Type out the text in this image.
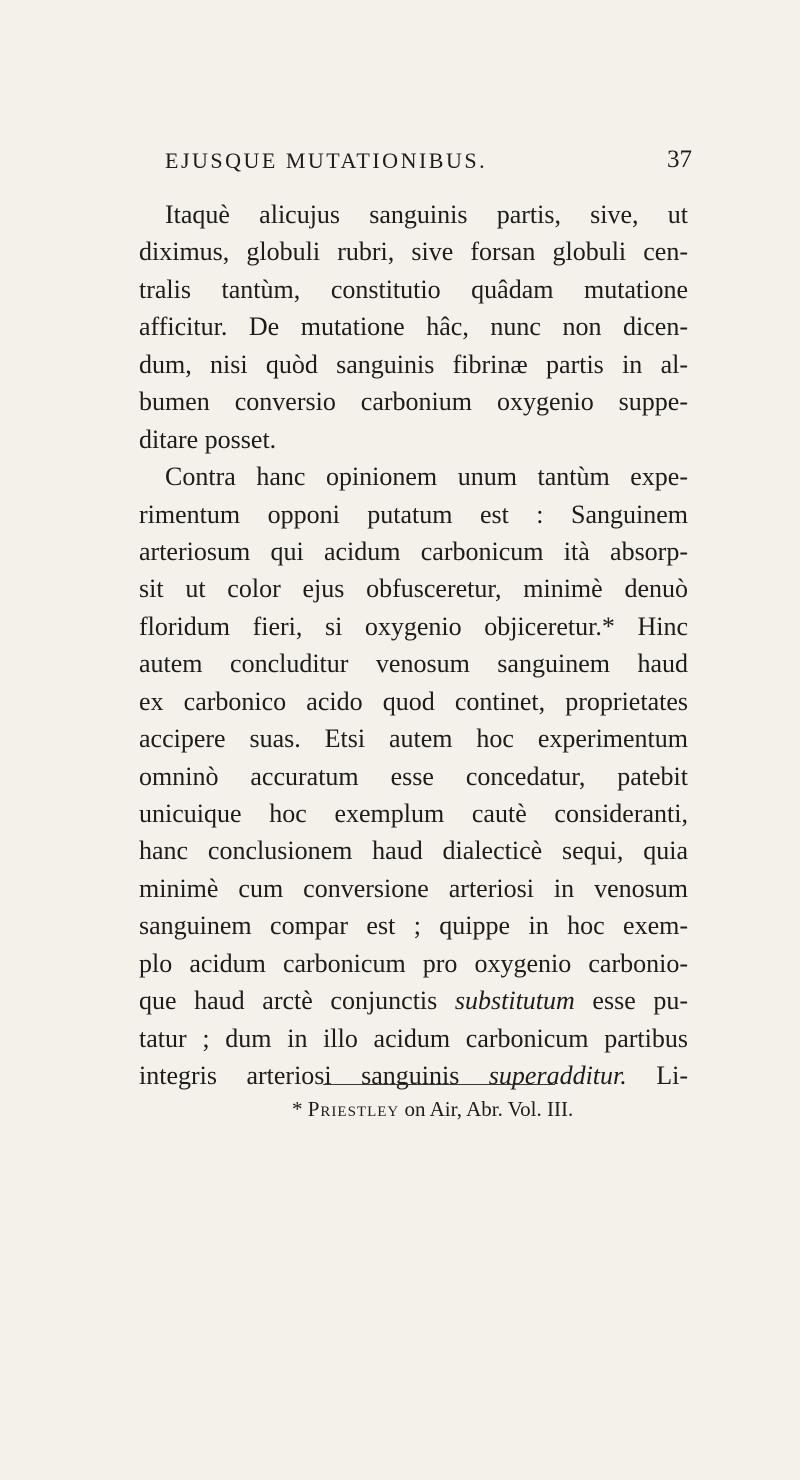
EJUSQUE MUTATIONIBUS.	37
Itaquè alicujus sanguinis partis, sive, ut
diximus, globuli rubri, sive forsan globuli cen-
tralis tantùm, constitutio quâdam mutatione
afficitur. De mutatione hâc, nunc non dicen-
dum, nisi quòd sanguinis fibrinæ partis in al-
bumen conversio carbonium oxygenio suppe-
ditare posset.
Contra hanc opinionem unum tantùm expe-
rimentum opponi putatum est : Sanguinem
arteriosum qui acidum carbonicum ità absorp-
sit ut color ejus obfusceretur, minimè denuò
floridum fieri, si oxygenio objiceretur.* Hinc
autem concluditur venosum sanguinem haud
ex carbonico acido quod continet, proprietates
accipere suas. Etsi autem hoc experimentum
omninò accuratum esse concedatur, patebit
unicuique hoc exemplum cautè consideranti,
hanc conclusionem haud dialecticè sequi, quia
minimè cum conversione arteriosi in venosum
sanguinem compar est ; quippe in hoc exem-
plo acidum carbonicum pro oxygenio carbonio-
que haud arctè conjunctis substitutum esse pu-
tatur ; dum in illo acidum carbonicum partibus
integris arteriosi sanguinis superadditur. Li-
* Priestley on Air, Abr. Vol. III.
